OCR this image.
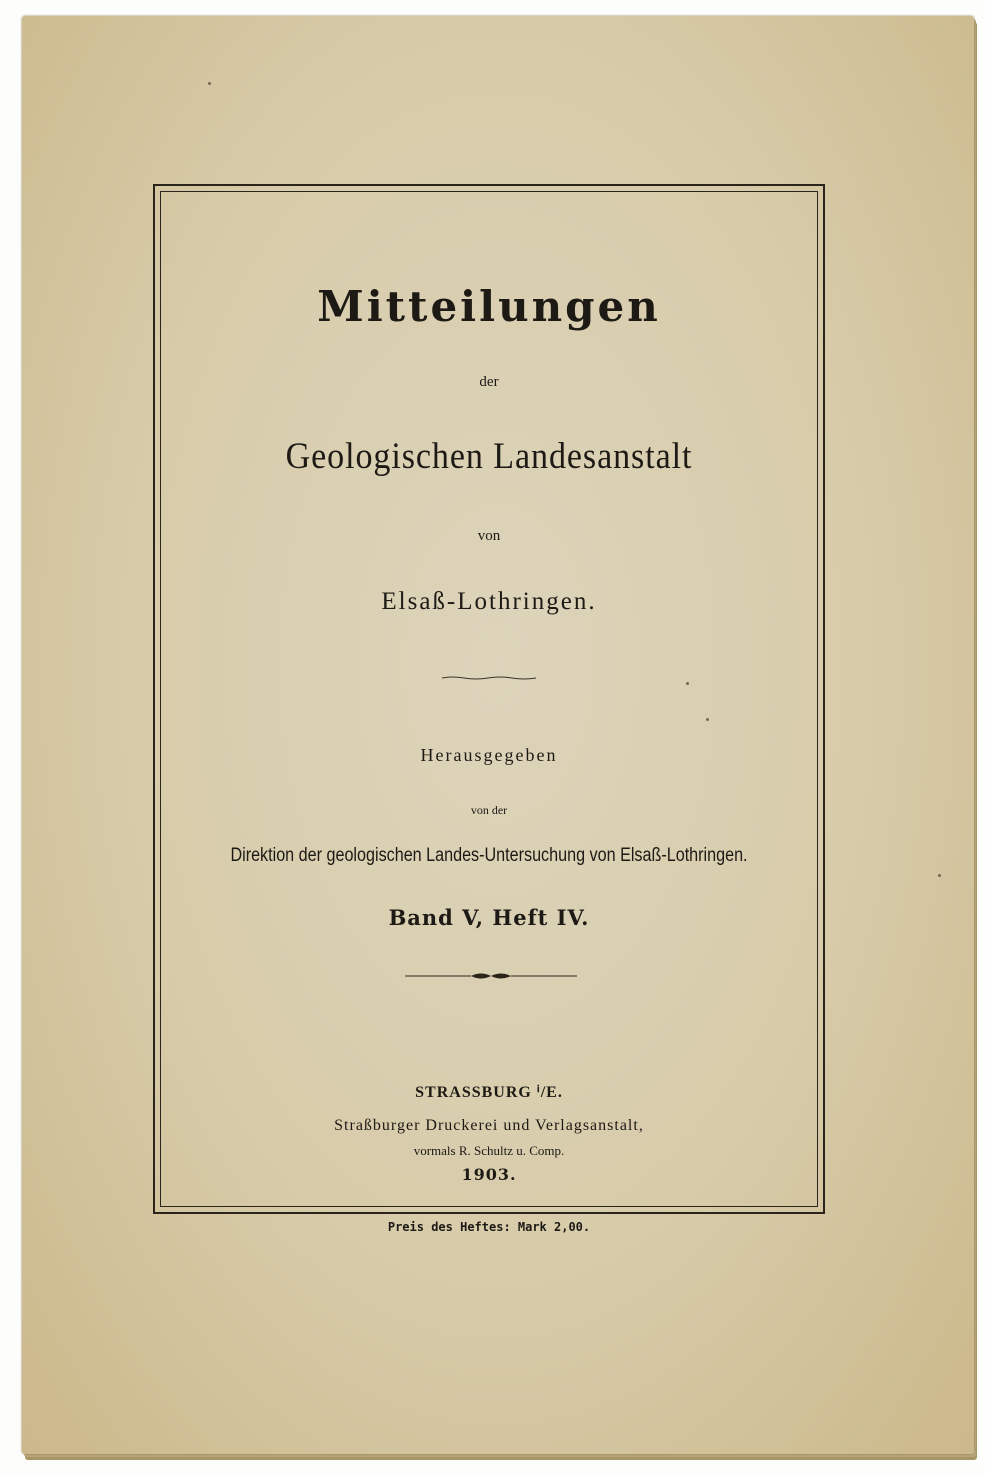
Mitteilungen
der
Geologischen Landesanstalt
von
Elsaß-Lothringen.
Herausgegeben
von der
Direktion der geologischen Landes-Untersuchung von Elsaß-Lothringen.
Band V, Heft IV.
STRASSBURG ⁱ/E.
Straßburger Druckerei und Verlagsanstalt,
vormals R. Schultz u. Comp.
1903.
Preis des Heftes: Mark 2,00.
